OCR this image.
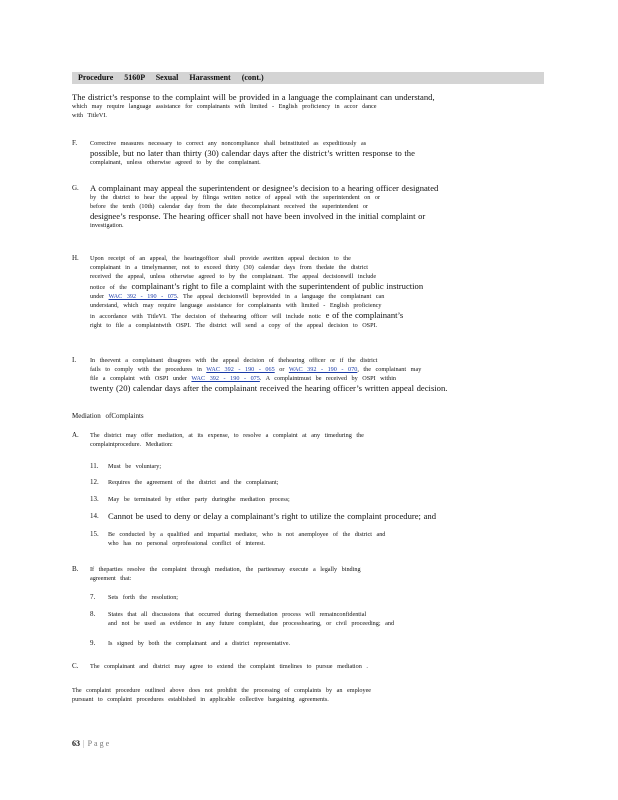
Procedure 5160P Sexual Harassment (cont.)
The district’s response to the complaint will be provided in a language the complainant can understand,
which may require language assistance for complainants with limited - English proficiency in accor dance
with TitleVI.
F. Corrective measures necessary to correct any noncompliance shall beinstituted as expeditiously as
possible, but no later than thirty (30) calendar days after the district’s written response to the
complainant, unless otherwise agreed to by the complainant.
G. A complainant may appeal the superintendent or designee’s decision to a hearing officer designated
by the district to hear the appeal by filinga written notice of appeal with the superintendent on or
before the tenth (10th) calendar day from the date thecomplainant received the superintendent or
designee’s response. The hearing officer shall not have been involved in the initial complaint or
investigation.
H. Upon receipt of an appeal, the hearingofficer shall provide awritten appeal decision to the
complainant in a timelymanner, not to exceed thirty (30) calendar days from thedate the district
received the appeal, unless otherwise agreed to by the complainant. The appeal decisionwill include
notice of the complainant’s right to file a complaint with the superintendent of public instruction
under WAC 392 - 190 - 075. The appeal decisionwill beprovided in a language the complainant can
understand, which may require language assistance for complainants with limited - English proficiency
in accordance with TitleVI. The decision of thehearing officer will include notic e of the complainant’s
right to file a complaintwith OSPI. The district will send a copy of the appeal decision to OSPI.
I. In theevent a complainant disagrees with the appeal decision of thehearing officer or if the district
fails to comply with the procedures in WAC 392 - 190 - 065 or WAC 392 - 190 - 070, the complainant may
file a complaint with OSPI under WAC 392 - 190 - 075. A complaintmust be received by OSPI within
twenty (20) calendar days after the complainant received the hearing officer’s written appeal decision.
Mediation ofComplaints
A. The district may offer mediation, at its expense, to resolve a complaint at any timeduring the
complaintprocedure. Mediation:
11. Must be voluntary;
12. Requires the agreement of the district and the complainant;
13. May be terminated by either party duringthe mediation process;
14. Cannot be used to deny or delay a complainant’s right to utilize the complaint procedure; and
15. Be conducted by a qualified and impartial mediator, who is not anemployee of the district and
who has no personal orprofessional conflict of interest.
B. If theparties resolve the complaint through mediation, the partiesmay execute a legally binding
agreement that:
7. Sets forth the resolution;
8. States that all discussions that occurred during themediation process will remainconfidential
and not be used as evidence in any future complaint, due processhearing, or civil proceeding; and
9. Is signed by both the complainant and a district representative.
C. The complainant and district may agree to extend the complaint timelines to pursue mediation .
The complaint procedure outlined above does not prohibit the processing of complaints by an employee
pursuant to complaint procedures established in applicable collective bargaining agreements.
63 | Page
